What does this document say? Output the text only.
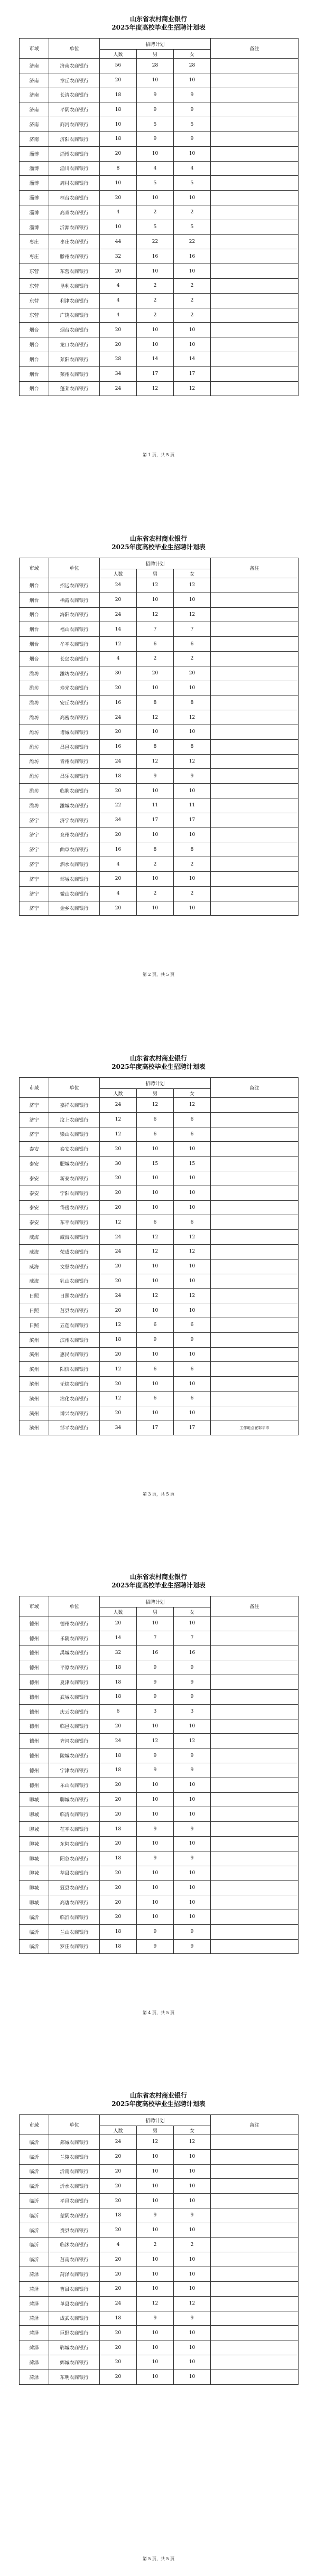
山东省农村商业银行
2025年度高校毕业生招聘计划表
市域	单位	招聘计划			备注
		人数	男	女	
济南	济南农商银行	56	28	28	
济南	章丘农商银行	20	10	10	
济南	长清农商银行	18	9	9	
济南	平阴农商银行	18	9	9	
济南	商河农商银行	10	5	5	
济南	济阳农商银行	18	9	9	
淄博	淄博农商银行	20	10	10	
淄博	淄川农商银行	8	4	4	
淄博	周村农商银行	10	5	5	
淄博	桓台农商银行	20	10	10	
淄博	高青农商银行	4	2	2	
淄博	沂源农商银行	10	5	5	
枣庄	枣庄农商银行	44	22	22	
枣庄	滕州农商银行	32	16	16	
东营	东营农商银行	20	10	10	
东营	垦利农商银行	4	2	2	
东营	利津农商银行	4	2	2	
东营	广饶农商银行	4	2	2	
烟台	烟台农商银行	20	10	10	
烟台	龙口农商银行	20	10	10	
烟台	莱阳农商银行	28	14	14	
烟台	莱州农商银行	34	17	17	
烟台	蓬莱农商银行	24	12	12	
第 1 页，共 5 页
山东省农村商业银行
2025年度高校毕业生招聘计划表
市域	单位	招聘计划			备注
		人数	男	女	
烟台	招远农商银行	24	12	12	
烟台	栖霞农商银行	20	10	10	
烟台	海阳农商银行	24	12	12	
烟台	福山农商银行	14	7	7	
烟台	牟平农商银行	12	6	6	
烟台	长岛农商银行	4	2	2	
潍坊	潍坊农商银行	30	20	20	
潍坊	寿光农商银行	20	10	10	
潍坊	安丘农商银行	16	8	8	
潍坊	高密农商银行	24	12	12	
潍坊	诸城农商银行	20	10	10	
潍坊	昌邑农商银行	16	8	8	
潍坊	青州农商银行	24	12	12	
潍坊	昌乐农商银行	18	9	9	
潍坊	临朐农商银行	20	10	10	
潍坊	潍城农商银行	22	11	11	
济宁	济宁农商银行	34	17	17	
济宁	兖州农商银行	20	10	10	
济宁	曲阜农商银行	16	8	8	
济宁	泗水农商银行	4	2	2	
济宁	邹城农商银行	20	10	10	
济宁	微山农商银行	4	2	2	
济宁	金乡农商银行	20	10	10	
第 2 页，共 5 页
山东省农村商业银行
2025年度高校毕业生招聘计划表
市域	单位	招聘计划			备注
		人数	男	女	
济宁	嘉祥农商银行	24	12	12	
济宁	汶上农商银行	12	6	6	
济宁	梁山农商银行	12	6	6	
泰安	泰安农商银行	20	10	10	
泰安	肥城农商银行	30	15	15	
泰安	新泰农商银行	20	10	10	
泰安	宁阳农商银行	20	10	10	
泰安	岱岳农商银行	20	10	10	
泰安	东平农商银行	12	6	6	
威海	威海农商银行	24	12	12	
威海	荣成农商银行	24	12	12	
威海	文登农商银行	20	10	10	
威海	乳山农商银行	20	10	10	
日照	日照农商银行	24	12	12	
日照	莒县农商银行	20	10	10	
日照	五莲农商银行	12	6	6	
滨州	滨州农商银行	18	9	9	
滨州	惠民农商银行	20	10	10	
滨州	阳信农商银行	12	6	6	
滨州	无棣农商银行	20	10	10	
滨州	沾化农商银行	12	6	6	
滨州	博兴农商银行	20	10	10	
滨州	邹平农商银行	34	17	17	工作地点在邹平市
第 3 页，共 5 页
山东省农村商业银行
2025年度高校毕业生招聘计划表
市域	单位	招聘计划			备注
		人数	男	女	
德州	德州农商银行	20	10	10	
德州	乐陵农商银行	14	7	7	
德州	禹城农商银行	32	16	16	
德州	平原农商银行	18	9	9	
德州	夏津农商银行	18	9	9	
德州	武城农商银行	18	9	9	
德州	庆云农商银行	6	3	3	
德州	临邑农商银行	20	10	10	
德州	齐河农商银行	24	12	12	
德州	陵城农商银行	18	9	9	
德州	宁津农商银行	18	9	9	
德州	乐山农商银行	20	10	10	
聊城	聊城农商银行	20	10	10	
聊城	临清农商银行	20	10	10	
聊城	茌平农商银行	18	9	9	
聊城	东阿农商银行	20	10	10	
聊城	阳谷农商银行	18	9	9	
聊城	莘县农商银行	20	10	10	
聊城	冠县农商银行	20	10	10	
聊城	高唐农商银行	20	10	10	
临沂	临沂农商银行	20	10	10	
临沂	兰山农商银行	18	9	9	
临沂	罗庄农商银行	18	9	9	
第 4 页，共 5 页
山东省农村商业银行
2025年度高校毕业生招聘计划表
市域	单位	招聘计划			备注
		人数	男	女	
临沂	郯城农商银行	24	12	12	
临沂	兰陵农商银行	20	10	10	
临沂	沂南农商银行	20	10	10	
临沂	沂水农商银行	20	10	10	
临沂	平邑农商银行	20	10	10	
临沂	蒙阴农商银行	18	9	9	
临沂	费县农商银行	20	10	10	
临沂	临沭农商银行	4	2	2	
临沂	莒南农商银行	20	10	10	
菏泽	菏泽农商银行	20	10	10	
菏泽	曹县农商银行	20	10	10	
菏泽	单县农商银行	24	12	12	
菏泽	成武农商银行	18	9	9	
菏泽	巨野农商银行	20	10	10	
菏泽	郓城农商银行	20	10	10	
菏泽	鄄城农商银行	20	10	10	
菏泽	东明农商银行	20	10	10	
第 5 页，共 5 页
